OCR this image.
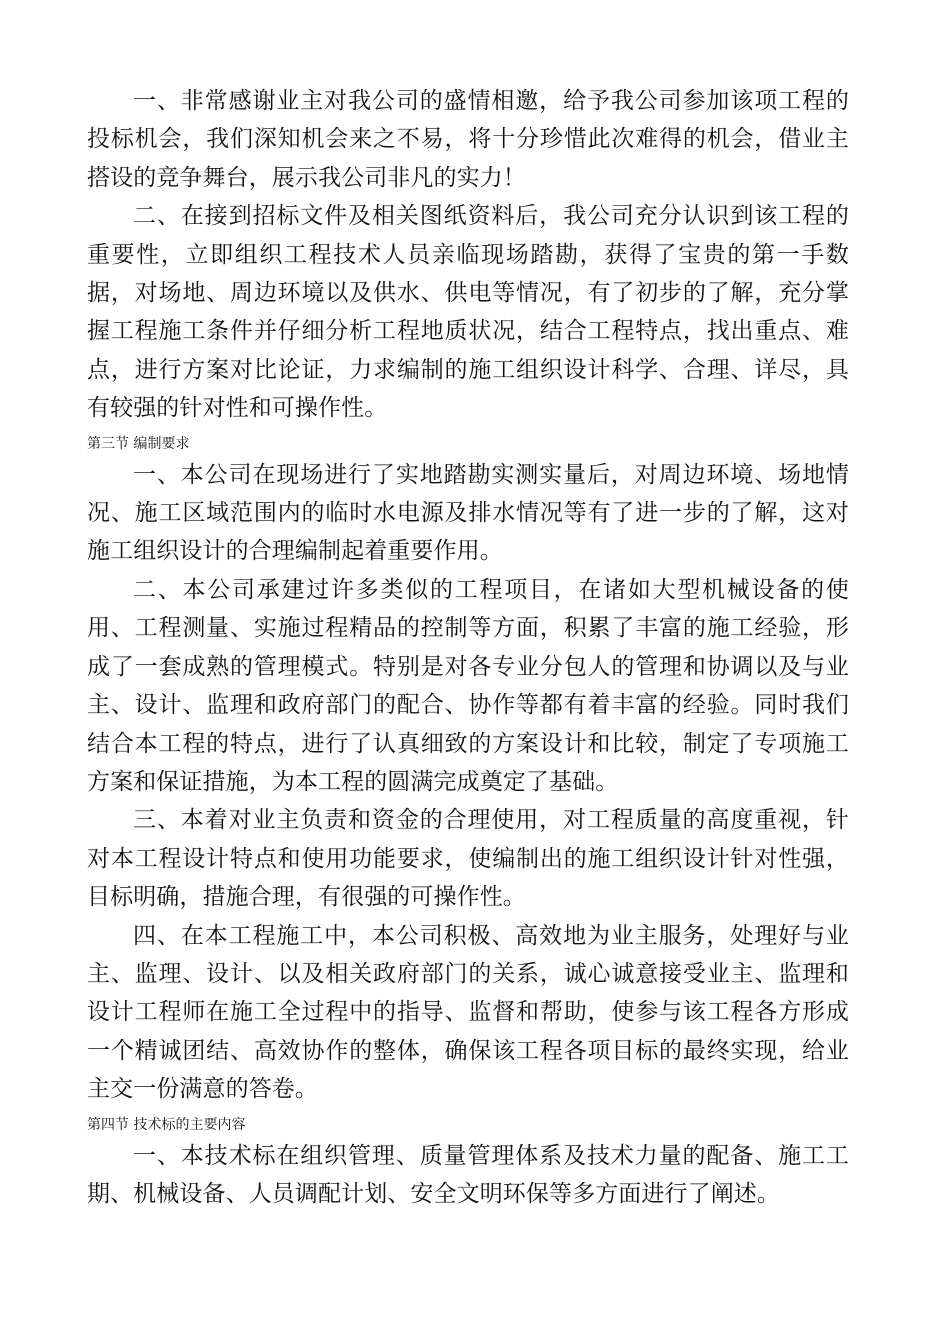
一、非常感谢业主对我公司的盛情相邀，给予我公司参加该项工程的投标机会，我们深知机会来之不易，将十分珍惜此次难得的机会，借业主搭设的竞争舞台，展示我公司非凡的实力！

二、在接到招标文件及相关图纸资料后，我公司充分认识到该工程的重要性，立即组织工程技术人员亲临现场踏勘，获得了宝贵的第一手数据，对场地、周边环境以及供水、供电等情况，有了初步的了解，充分掌握工程施工条件并仔细分析工程地质状况，结合工程特点，找出重点、难点，进行方案对比论证，力求编制的施工组织设计科学、合理、详尽，具有较强的针对性和可操作性。

第三节 编制要求

一、本公司在现场进行了实地踏勘实测实量后，对周边环境、场地情况、施工区域范围内的临时水电源及排水情况等有了进一步的了解，这对施工组织设计的合理编制起着重要作用。

二、本公司承建过许多类似的工程项目，在诸如大型机械设备的使用、工程测量、实施过程精品的控制等方面，积累了丰富的施工经验，形成了一套成熟的管理模式。特别是对各专业分包人的管理和协调以及与业主、设计、监理和政府部门的配合、协作等都有着丰富的经验。同时我们结合本工程的特点，进行了认真细致的方案设计和比较，制定了专项施工方案和保证措施，为本工程的圆满完成奠定了基础。

三、本着对业主负责和资金的合理使用，对工程质量的高度重视，针对本工程设计特点和使用功能要求，使编制出的施工组织设计针对性强，目标明确，措施合理，有很强的可操作性。

四、在本工程施工中，本公司积极、高效地为业主服务，处理好与业主、监理、设计、以及相关政府部门的关系，诚心诚意接受业主、监理和设计工程师在施工全过程中的指导、监督和帮助，使参与该工程各方形成一个精诚团结、高效协作的整体，确保该工程各项目标的最终实现，给业主交一份满意的答卷。

第四节 技术标的主要内容

一、本技术标在组织管理、质量管理体系及技术力量的配备、施工工期、机械设备、人员调配计划、安全文明环保等多方面进行了阐述。
